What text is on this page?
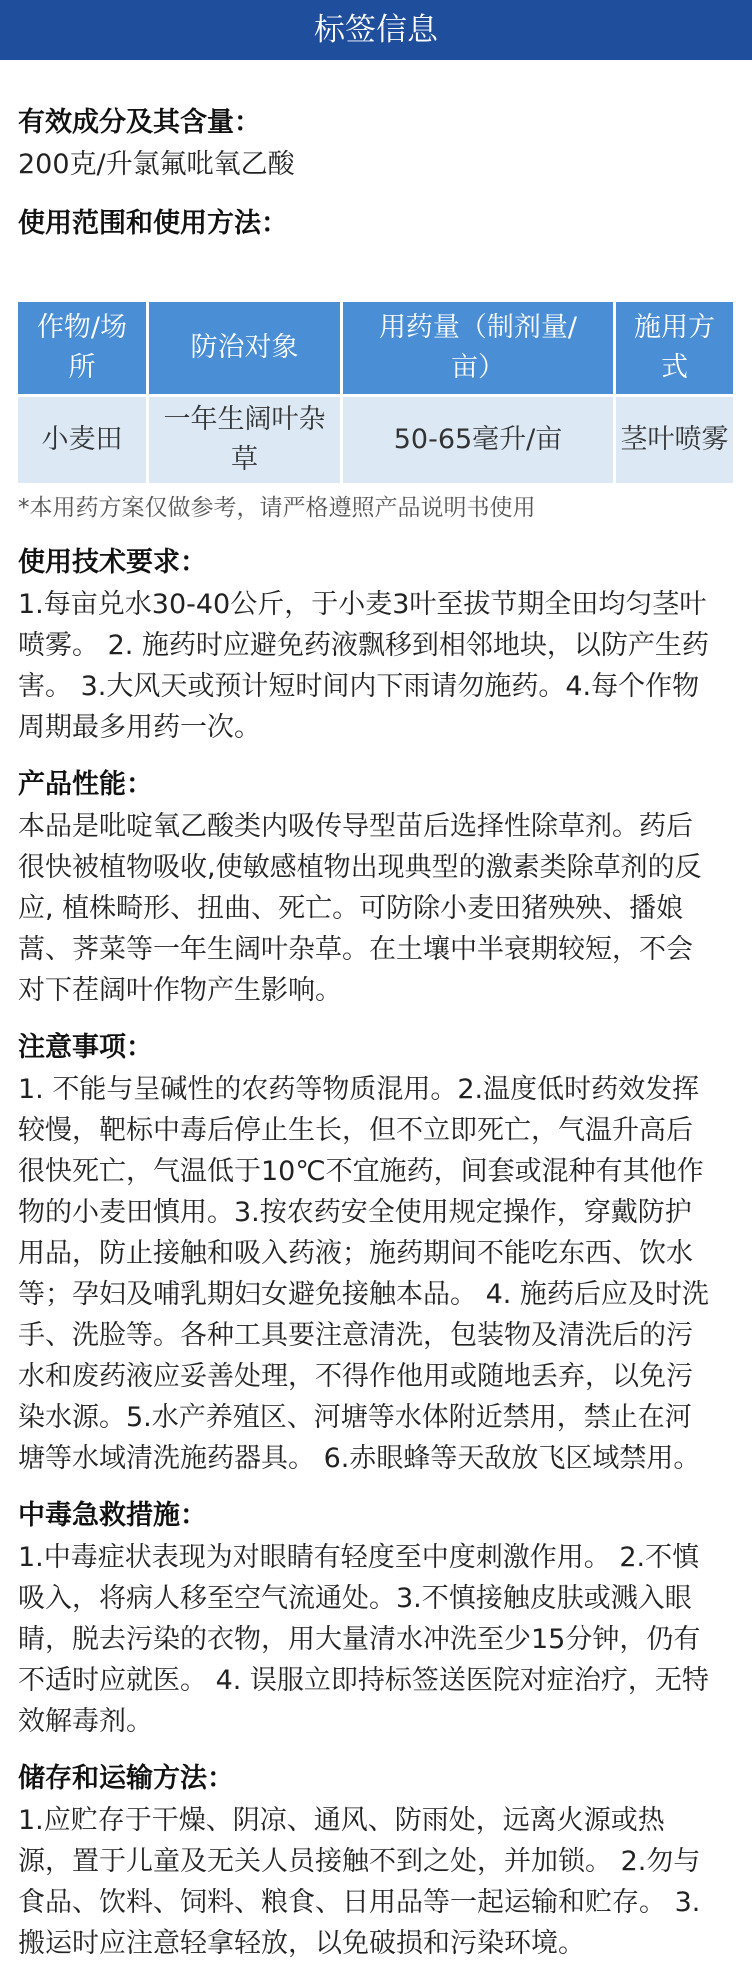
标签信息
有效成分及其含量：

200克/升氯氟吡氧乙酸

使用范围和使用方法：
作物/场
所
防治对象
用药量（制剂量/
亩）
施用方
式
小麦田
一年生阔叶杂
草
50-65毫升/亩 茎叶喷雾

*本用药方案仅做参考，请严格遵照产品说明书使用

使用技术要求：
1.每亩兑水30-40公斤，于小麦3叶至拔节期全田均匀茎叶
喷雾。 2. 施药时应避免药液飘移到相邻地块，以防产生药
害。 3.大风天或预计短时间内下雨请勿施药。4.每个作物
周期最多用药一次。
产品性能：
本品是吡啶氧乙酸类内吸传导型苗后选择性除草剂。药后
很快被植物吸收,使敏感植物出现典型的激素类除草剂的反
应, 植株畸形、扭曲、死亡。可防除小麦田猪殃殃、播娘
蒿、荠菜等一年生阔叶杂草。在土壤中半衰期较短，不会
对下茬阔叶作物产生影响。
注意事项：
1. 不能与呈碱性的农药等物质混用。2.温度低时药效发挥
较慢，靶标中毒后停止生长，但不立即死亡，气温升高后
很快死亡，气温低于10℃不宜施药，间套或混种有其他作
物的小麦田慎用。3.按农药安全使用规定操作，穿戴防护
用品，防止接触和吸入药液；施药期间不能吃东西、饮水
等；孕妇及哺乳期妇女避免接触本品。 4. 施药后应及时洗
手、洗脸等。各种工具要注意清洗，包装物及清洗后的污
水和废药液应妥善处理，不得作他用或随地丢弃，以免污
染水源。5.水产养殖区、河塘等水体附近禁用，禁止在河
塘等水域清洗施药器具。 6.赤眼蜂等天敌放飞区域禁用。
中毒急救措施：
1.中毒症状表现为对眼睛有轻度至中度刺激作用。 2.不慎
吸入，将病人移至空气流通处。3.不慎接触皮肤或溅入眼
睛，脱去污染的衣物，用大量清水冲洗至少15分钟，仍有
不适时应就医。 4. 误服立即持标签送医院对症治疗，无特
效解毒剂。
储存和运输方法：
1.应贮存于干燥、阴凉、通风、防雨处，远离火源或热
源，置于儿童及无关人员接触不到之处，并加锁。 2.勿与
食品、饮料、饲料、粮食、日用品等一起运输和贮存。 3.
搬运时应注意轻拿轻放，以免破损和污染环境。
